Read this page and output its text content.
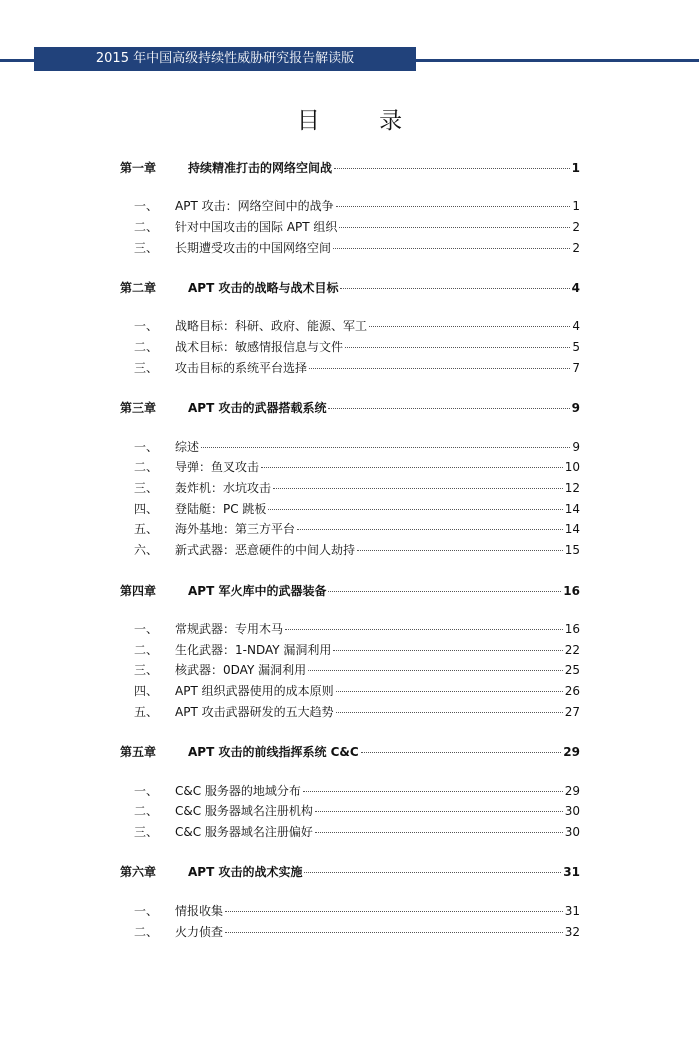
2015 年中国高级持续性威胁研究报告解读版
目 录
第一章	持续精准打击的网络空间战	1
一、	APT 攻击：网络空间中的战争	1
二、	针对中国攻击的国际 APT 组织	2
三、	长期遭受攻击的中国网络空间	2
第二章	APT 攻击的战略与战术目标	4
一、	战略目标：科研、政府、能源、军工	4
二、	战术目标：敏感情报信息与文件	5
三、	攻击目标的系统平台选择	7
第三章	APT 攻击的武器搭载系统	9
一、	综述	9
二、	导弹：鱼叉攻击	10
三、	轰炸机：水坑攻击	12
四、	登陆艇：PC 跳板	14
五、	海外基地：第三方平台	14
六、	新式武器：恶意硬件的中间人劫持	15
第四章	APT 军火库中的武器装备	16
一、	常规武器：专用木马	16
二、	生化武器：1-NDAY 漏洞利用	22
三、	核武器：0DAY 漏洞利用	25
四、	APT 组织武器使用的成本原则	26
五、	APT 攻击武器研发的五大趋势	27
第五章	APT 攻击的前线指挥系统 C&C	29
一、	C&C 服务器的地域分布	29
二、	C&C 服务器域名注册机构	30
三、	C&C 服务器域名注册偏好	30
第六章	APT 攻击的战术实施	31
一、	情报收集	31
二、	火力侦查	32
